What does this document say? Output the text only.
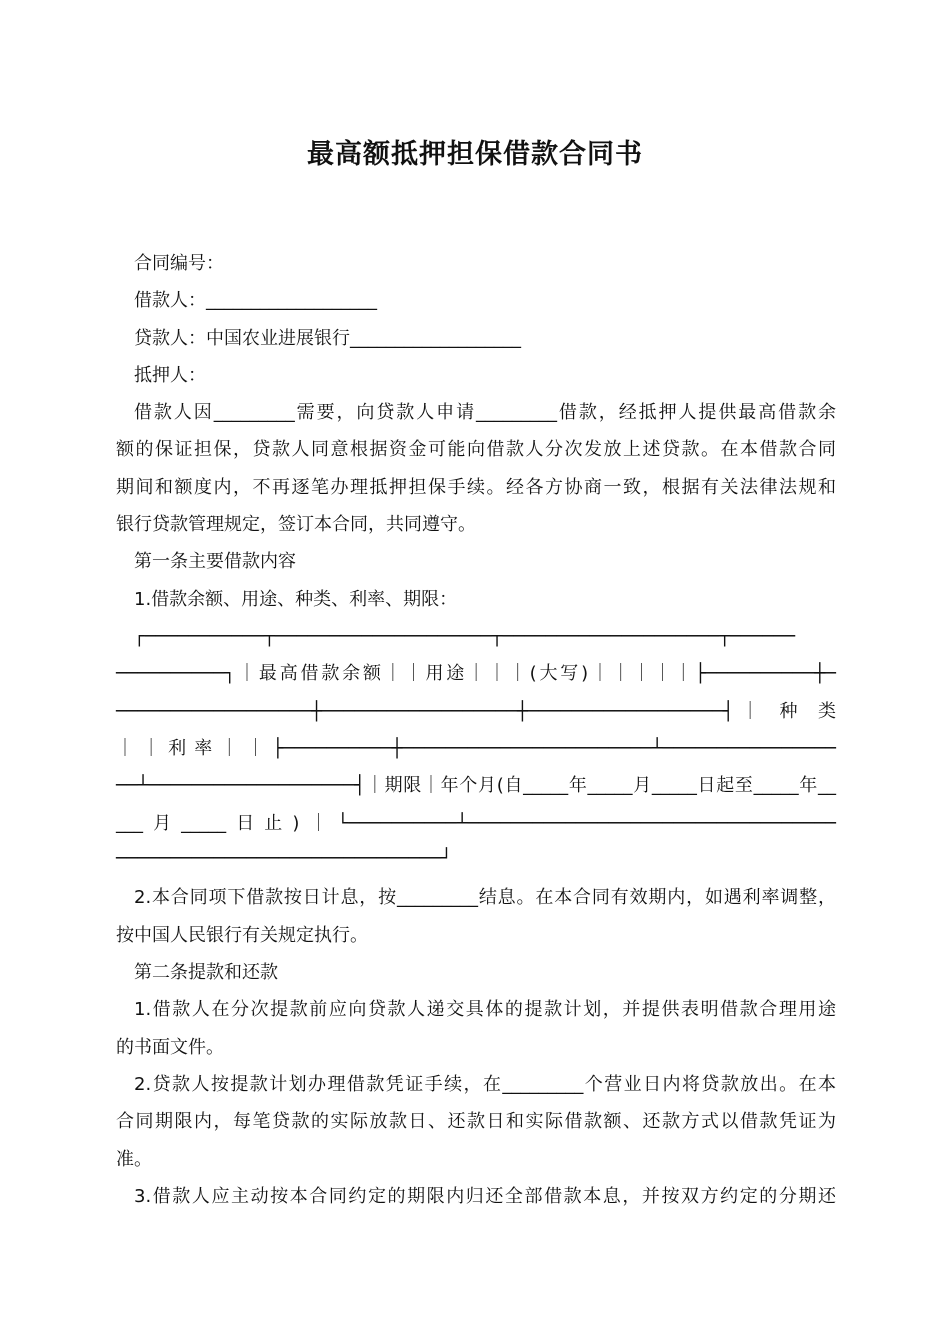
最高额抵押担保借款合同书
合同编号：
借款人：___________________
贷款人：中国农业进展银行___________________
抵押人：
借款人因_________需要，向贷款人申请_________借款，经抵押人提供最高借款余
额的保证担保，贷款人同意根据资金可能向借款人分次发放上述贷款。在本借款合同
期间和额度内，不再逐笔办理抵押担保手续。经各方协商一致，根据有关法律法规和
银行贷款管理规定，签订本合同，共同遵守。
第一条主要借款内容
1.借款余额、用途、种类、利率、期限：
┌───────────┬────────────────────┬────────────────────┬──────
──────────┐｜最高借款余额｜｜用途｜｜｜(大写)｜｜｜｜｜├──────────┼─
──────────────────┼──────────────────┼──────────────────┤｜ 种 类
｜｜利率｜｜├──────────┼───────────────────────┴────────────────
──┴───────────────────┤｜期限｜年个月(自_____年_____月_____日起至_____年__
___月_____日止)｜└──────────┴──────────────────────────────────
──────────────────────────────┘
2.本合同项下借款按日计息，按_________结息。在本合同有效期内，如遇利率调整，
按中国人民银行有关规定执行。
第二条提款和还款
1.借款人在分次提款前应向贷款人递交具体的提款计划，并提供表明借款合理用途
的书面文件。
2.贷款人按提款计划办理借款凭证手续，在_________个营业日内将贷款放出。在本
合同期限内，每笔贷款的实际放款日、还款日和实际借款额、还款方式以借款凭证为
准。
3.借款人应主动按本合同约定的期限内归还全部借款本息，并按双方约定的分期还
